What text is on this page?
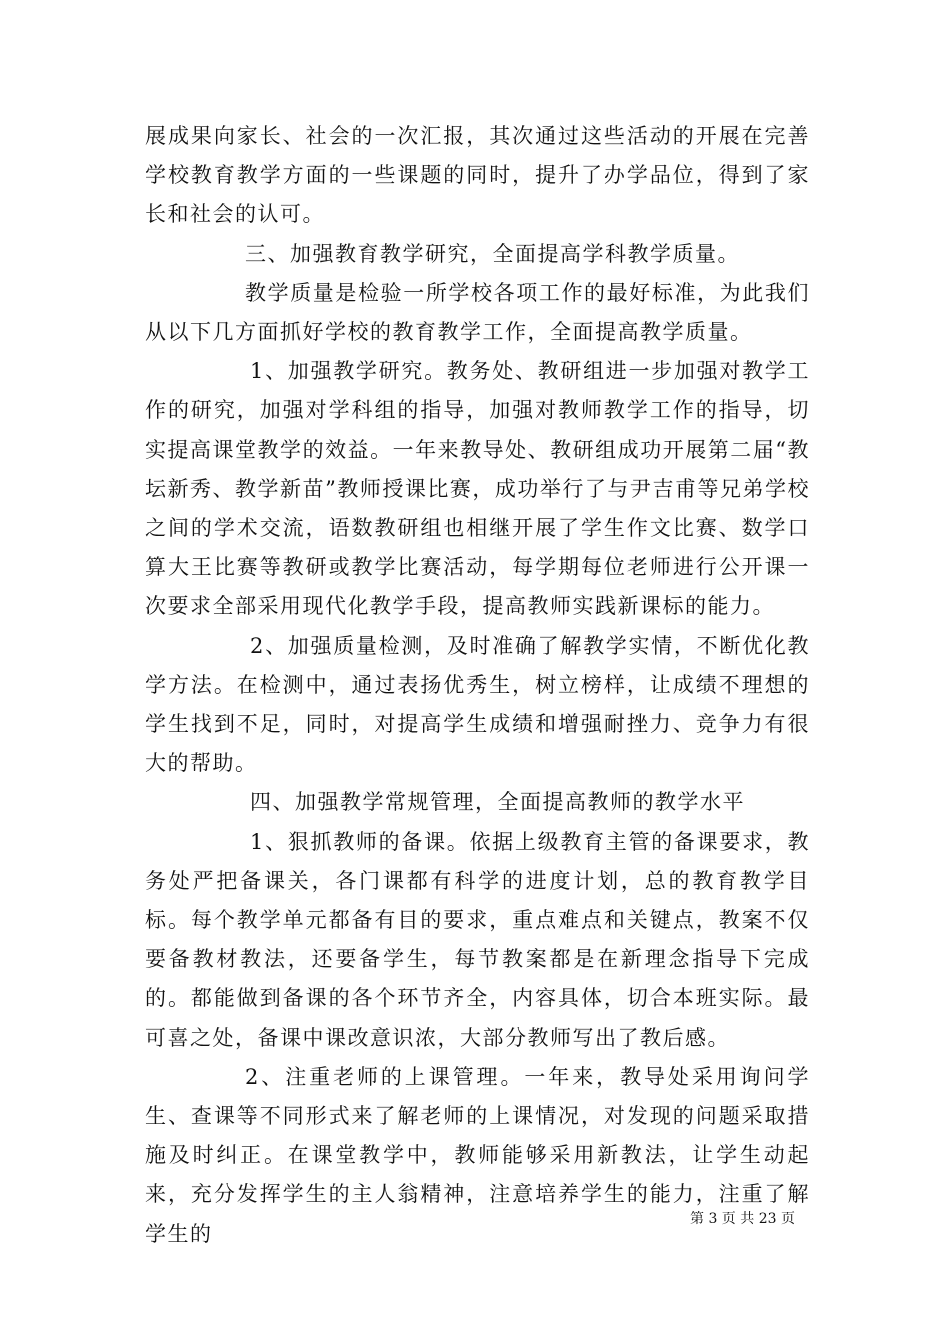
展成果向家长、社会的一次汇报，其次通过这些活动的开展在完善学校教育教学方面的一些课题的同时，提升了办学品位，得到了家长和社会的认可。

三、加强教育教学研究，全面提高学科教学质量。

教学质量是检验一所学校各项工作的最好标准，为此我们从以下几方面抓好学校的教育教学工作，全面提高教学质量。

1、加强教学研究。教务处、教研组进一步加强对教学工作的研究，加强对学科组的指导，加强对教师教学工作的指导，切实提高课堂教学的效益。一年来教导处、教研组成功开展第二届“教坛新秀、教学新苗”教师授课比赛，成功举行了与尹吉甫等兄弟学校之间的学术交流，语数教研组也相继开展了学生作文比赛、数学口算大王比赛等教研或教学比赛活动，每学期每位老师进行公开课一次要求全部采用现代化教学手段，提高教师实践新课标的能力。

2、加强质量检测，及时准确了解教学实情，不断优化教学方法。在检测中，通过表扬优秀生，树立榜样，让成绩不理想的学生找到不足，同时，对提高学生成绩和增强耐挫力、竞争力有很大的帮助。

四、加强教学常规管理，全面提高教师的教学水平

1、狠抓教师的备课。依据上级教育主管的备课要求，教务处严把备课关，各门课都有科学的进度计划，总的教育教学目标。每个教学单元都备有目的要求，重点难点和关键点，教案不仅要备教材教法，还要备学生，每节教案都是在新理念指导下完成的。都能做到备课的各个环节齐全，内容具体，切合本班实际。最可喜之处，备课中课改意识浓，大部分教师写出了教后感。

2、注重老师的上课管理。一年来，教导处采用询问学生、查课等不同形式来了解老师的上课情况，对发现的问题采取措施及时纠正。在课堂教学中，教师能够采用新教法，让学生动起来，充分发挥学生的主人翁精神，注意培养学生的能力，注重了解学生的

第 3 页 共 23 页
